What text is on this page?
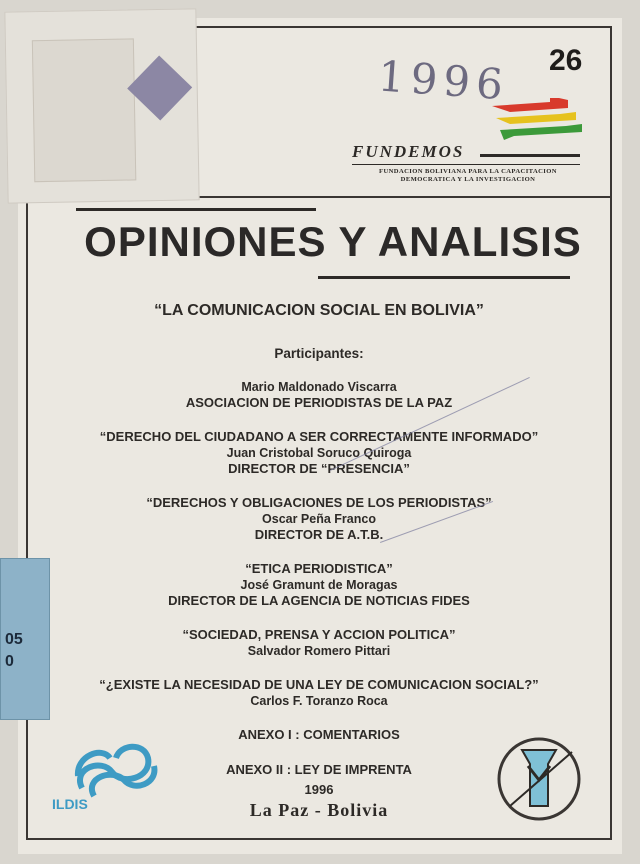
05
0
1996 26
FUNDEMOS
FUNDACION BOLIVIANA PARA LA CAPACITACION
DEMOCRATICA Y LA INVESTIGACION
OPINIONES Y ANALISIS
“LA COMUNICACION SOCIAL EN BOLIVIA”
Participantes:
Mario Maldonado Viscarra
ASOCIACION DE PERIODISTAS DE LA PAZ
“DERECHO DEL CIUDADANO A SER CORRECTAMENTE INFORMADO”
Juan Cristobal Soruco Quiroga
DIRECTOR DE “PRESENCIA”
“DERECHOS Y OBLIGACIONES DE LOS PERIODISTAS”
Oscar Peña Franco
DIRECTOR DE A.T.B.
“ETICA PERIODISTICA”
José Gramunt de Moragas
DIRECTOR DE LA AGENCIA DE NOTICIAS FIDES
“SOCIEDAD, PRENSA Y ACCION POLITICA”
Salvador Romero Pittari
“¿EXISTE LA NECESIDAD DE UNA LEY DE COMUNICACION SOCIAL?”
Carlos F. Toranzo Roca
ANEXO I : COMENTARIOS
ANEXO II : LEY DE IMPRENTA
1996
La Paz - Bolivia
ILDIS
